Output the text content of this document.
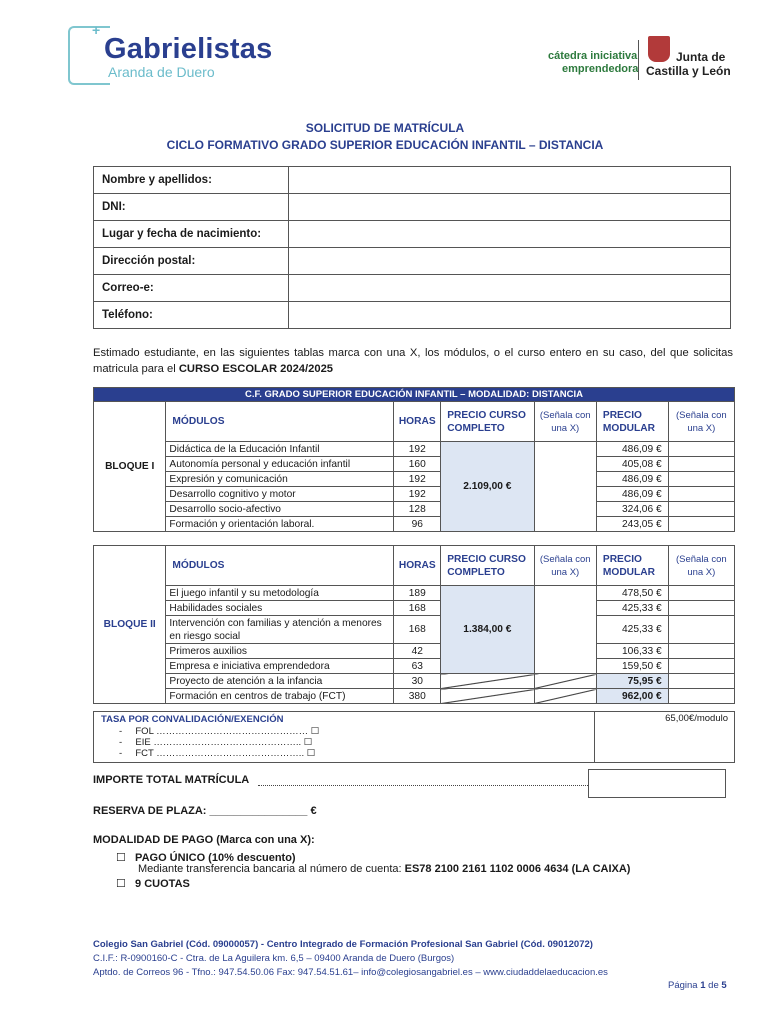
+
Gabrielistas
Aranda de Duero
cátedra iniciativa
emprendedora
Junta de
Castilla y León
SOLICITUD DE MATRÍCULA
CICLO FORMATIVO GRADO SUPERIOR EDUCACIÓN INFANTIL – DISTANCIA
Nombre y apellidos:	
DNI:	
Lugar y fecha de nacimiento:	
Dirección postal:	
Correo-e:	
Teléfono:	
Estimado estudiante, en las siguientes tablas marca con una X, los módulos, o el curso entero en su caso, del que solicitas matricula para el CURSO ESCOLAR 2024/2025
C.F. GRADO SUPERIOR EDUCACIÓN INFANTIL – MODALIDAD: DISTANCIA						
BLOQUE I	MÓDULOS	HORAS	PRECIO CURSO COMPLETO	(Señala con una X)	PRECIO MODULAR	(Señala con una X)
	Didáctica de la Educación Infantil	192	2.109,00 €		486,09 €	
	Autonomía personal y educación infantil	160			405,08 €	
	Expresión y comunicación	192			486,09 €	
	Desarrollo cognitivo y motor	192			486,09 €	
	Desarrollo socio-afectivo	128			324,06 €	
	Formación y orientación laboral.	96			243,05 €	
BLOQUE II	MÓDULOS	HORAS	PRECIO CURSO COMPLETO	(Señala con una X)	PRECIO MODULAR	(Señala con una X)
	El juego infantil y su metodología	189	1.384,00 €		478,50 €	
	Habilidades sociales	168			425,33 €	
	Intervención con familias y atención a menores en riesgo social	168			425,33 €	
	Primeros auxilios	42			106,33 €	
	Empresa e iniciativa emprendedora	63			159,50 €	
	Proyecto de atención a la infancia	30			75,95 €	
	Formación en centros de trabajo (FCT)	380			962,00 €	
TASA POR CONVALIDACIÓN/EXENCIÓN
-     FOL ………………………………………… ☐
-     EIE ……………………………………….. ☐
-     FCT ……………………………………….. ☐
	65,00€/modulo
IMPORTE TOTAL MATRÍCULA
RESERVA DE PLAZA: ________________ €
MODALIDAD DE PAGO (Marca con una X):
☐ PAGO ÚNICO (10% descuento)
Mediante transferencia bancaria al número de cuenta: ES78 2100 2161 1102 0006 4634 (LA CAIXA)
☐ 9 CUOTAS
Colegio San Gabriel (Cód. 09000057) - Centro Integrado de Formación Profesional San Gabriel (Cód. 09012072)
C.I.F.: R-0900160-C - Ctra. de La Aguilera km. 6,5 – 09400 Aranda de Duero (Burgos)
Aptdo. de Correos 96 - Tfno.: 947.54.50.06 Fax: 947.54.51.61– info@colegiosangabriel.es – www.ciudaddelaeducacion.es
Página 1 de 5
